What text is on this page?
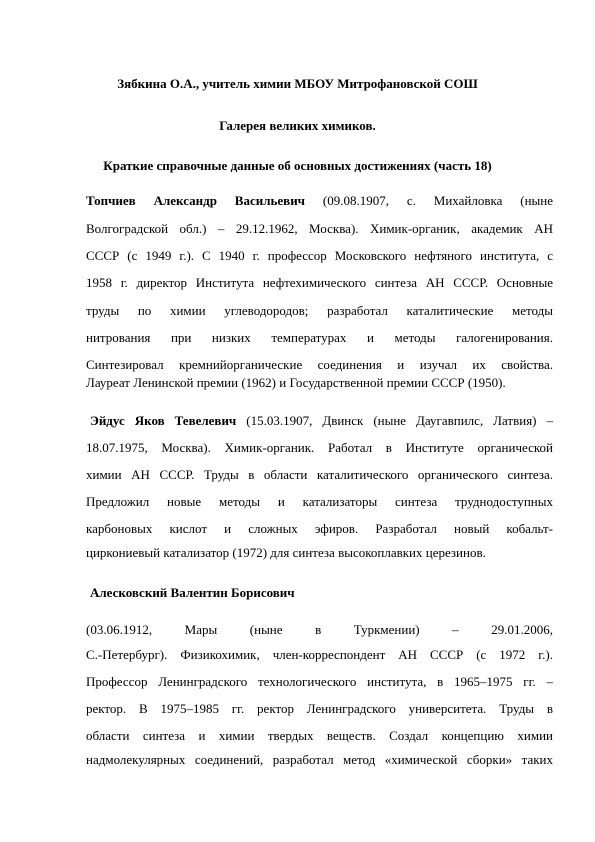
Зябкина О.А., учитель химии МБОУ Митрофановской СОШ
Галерея великих химиков.
Краткие справочные данные об основных достижениях (часть 18)
Топчиев Александр Васильевич (09.08.1907, с. Михайловка (ныне
Волгоградской обл.) – 29.12.1962, Москва). Химик-органик, академик АН
СССР (с 1949 г.). С 1940 г. профессор Московского нефтяного института, с
1958 г. директор Института нефтехимического синтеза АН СССР. Основные
труды по химии углеводородов; разработал каталитические методы
нитрования при низких температурах и методы галогенирования.
Синтезировал кремнийорганические соединения и изучал их свойства.
Лауреат Ленинской премии (1962) и Государственной премии СССР (1950).
Эйдус Яков Тевелевич (15.03.1907, Двинск (ныне Даугавпилс, Латвия) –
18.07.1975, Москва). Химик-органик. Работал в Институте органической
химии АН СССР. Труды в области каталитического органического синтеза.
Предложил новые методы и катализаторы синтеза труднодоступных
карбоновых кислот и сложных эфиров. Разработал новый кобальт-
циркониевый катализатор (1972) для синтеза высокоплавких церезинов.
Алесковский Валентин Борисович
(03.06.1912, Мары (ныне в Туркмении) – 29.01.2006,
С.-Петербург). Физикохимик, член-корреспондент АН СССР (с 1972 г.).
Профессор Ленинградского технологического института, в 1965–1975 гг. –
ректор. В 1975–1985 гг. ректор Ленинградского университета. Труды в
области синтеза и химии твердых веществ. Создал концепцию химии
надмолекулярных соединений, разработал метод «химической сборки» таких
